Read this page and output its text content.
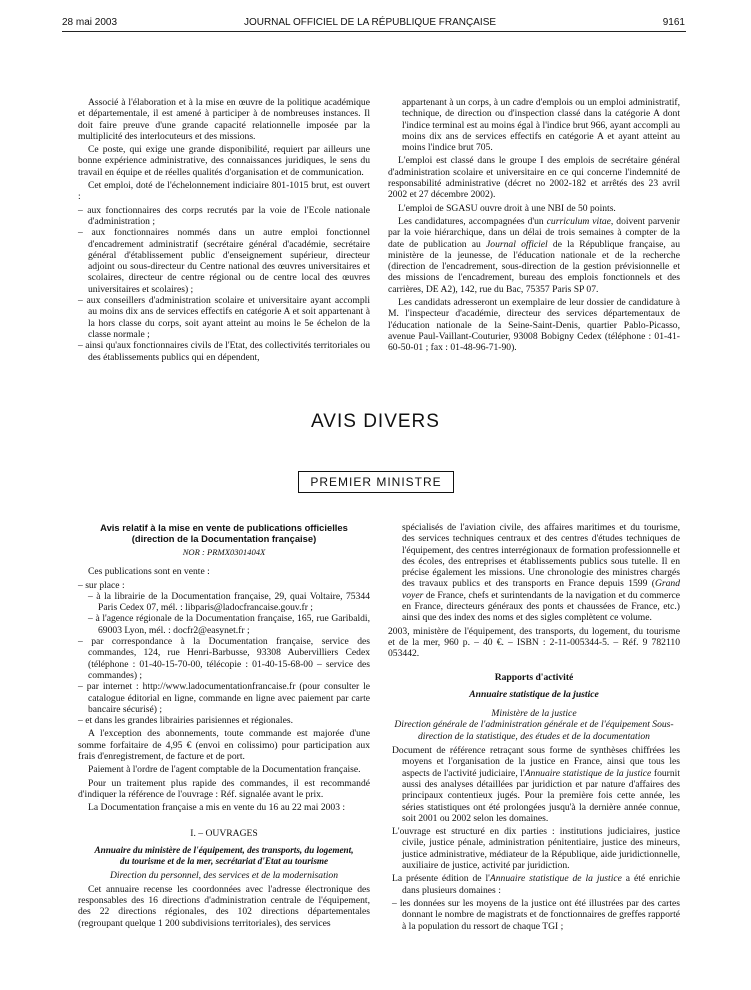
28 mai 2003	JOURNAL OFFICIEL DE LA RÉPUBLIQUE FRANÇAISE	9161

Associé à l'élaboration et à la mise en œuvre de la politique académique et départementale, il est amené à participer à de nombreuses instances. Il doit faire preuve d'une grande capacité relationnelle imposée par la multiplicité des interlocuteurs et des missions.

Ce poste, qui exige une grande disponibilité, requiert par ailleurs une bonne expérience administrative, des connaissances juridiques, le sens du travail en équipe et de réelles qualités d'organisation et de communication.

Cet emploi, doté de l'échelonnement indiciaire 801-1015 brut, est ouvert :

– aux fonctionnaires des corps recrutés par la voie de l'Ecole nationale d'administration ;
– aux fonctionnaires nommés dans un autre emploi fonctionnel d'encadrement administratif (secrétaire général d'académie, secrétaire général d'établissement public d'enseignement supérieur, directeur adjoint ou sous-directeur du Centre national des œuvres universitaires et scolaires, directeur de centre régional ou de centre local des œuvres universitaires et scolaires) ;
– aux conseillers d'administration scolaire et universitaire ayant accompli au moins dix ans de services effectifs en catégorie A et soit appartenant à la hors classe du corps, soit ayant atteint au moins le 5e échelon de la classe normale ;
– ainsi qu'aux fonctionnaires civils de l'Etat, des collectivités territoriales ou des établissements publics qui en dépendent,

appartenant à un corps, à un cadre d'emplois ou un emploi administratif, technique, de direction ou d'inspection classé dans la catégorie A dont l'indice terminal est au moins égal à l'indice brut 966, ayant accompli au moins dix ans de services effectifs en catégorie A et ayant atteint au moins l'indice brut 705.

L'emploi est classé dans le groupe I des emplois de secrétaire général d'administration scolaire et universitaire en ce qui concerne l'indemnité de responsabilité administrative (décret no 2002-182 et arrêtés des 23 avril 2002 et 27 décembre 2002).

L'emploi de SGASU ouvre droit à une NBI de 50 points.

Les candidatures, accompagnées d'un curriculum vitae, doivent parvenir par la voie hiérarchique, dans un délai de trois semaines à compter de la date de publication au Journal officiel de la République française, au ministère de la jeunesse, de l'éducation nationale et de la recherche (direction de l'encadrement, sous-direction de la gestion prévisionnelle et des missions de l'encadrement, bureau des emplois fonctionnels et des carrières, DE A2), 142, rue du Bac, 75357 Paris SP 07.

Les candidats adresseront un exemplaire de leur dossier de candidature à M. l'inspecteur d'académie, directeur des services départementaux de l'éducation nationale de la Seine-Saint-Denis, quartier Pablo-Picasso, avenue Paul-Vaillant-Couturier, 93008 Bobigny Cedex (téléphone : 01-41-60-50-01 ; fax : 01-48-96-71-90).

AVIS DIVERS
PREMIER MINISTRE
Avis relatif à la mise en vente de publications officielles (direction de la Documentation française)
NOR : PRMX0301404X

Ces publications sont en vente :

– sur place :
– à la librairie de la Documentation française, 29, quai Voltaire, 75344 Paris Cedex 07, mél. : libparis@ladocfrancaise.gouv.fr ;
– à l'agence régionale de la Documentation française, 165, rue Garibaldi, 69003 Lyon, mél. : docfr2@easynet.fr ;
– par correspondance à la Documentation française, service des commandes, 124, rue Henri-Barbusse, 93308 Aubervilliers Cedex (téléphone : 01-40-15-70-00, télécopie : 01-40-15-68-00 – service des commandes) ;
– par internet : http://www.ladocumentationfrancaise.fr (pour consulter le catalogue éditorial en ligne, commande en ligne avec paiement par carte bancaire sécurisé) ;
– et dans les grandes librairies parisiennes et régionales.

A l'exception des abonnements, toute commande est majorée d'une somme forfaitaire de 4,95 € (envoi en colissimo) pour participation aux frais d'enregistrement, de facture et de port.

Paiement à l'ordre de l'agent comptable de la Documentation française.

Pour un traitement plus rapide des commandes, il est recommandé d'indiquer la référence de l'ouvrage : Réf. signalée avant le prix.

La Documentation française a mis en vente du 16 au 22 mai 2003 :

I. – OUVRAGES
Annuaire du ministère de l'équipement, des transports, du logement, du tourisme et de la mer, secrétariat d'Etat au tourisme
Direction du personnel, des services et de la modernisation

Cet annuaire recense les coordonnées avec l'adresse électronique des responsables des 16 directions d'administration centrale de l'équipement, des 22 directions régionales, des 102 directions départementales (regroupant quelque 1 200 subdivisions territoriales), des services

spécialisés de l'aviation civile, des affaires maritimes et du tourisme, des services techniques centraux et des centres d'études techniques de l'équipement, des centres interrégionaux de formation professionnelle et des écoles, des entreprises et établissements publics sous tutelle. Il en précise également les missions. Une chronologie des ministres chargés des travaux publics et des transports en France depuis 1599 (Grand voyer de France, chefs et surintendants de la navigation et du commerce en France, directeurs généraux des ponts et chaussées de France, etc.) ainsi que des index des noms et des sigles complètent ce volume.

2003, ministère de l'équipement, des transports, du logement, du tourisme et de la mer, 960 p. – 40 €. – ISBN : 2-11-005344-5. – Réf. 9 782110 053442.

Rapports d'activité
Annuaire statistique de la justice
Ministère de la justice
Direction générale de l'administration générale et de l'équipement Sous-direction de la statistique, des études et de la documentation

Document de référence retraçant sous forme de synthèses chiffrées les moyens et l'organisation de la justice en France, ainsi que tous les aspects de l'activité judiciaire, l'Annuaire statistique de la justice fournit aussi des analyses détaillées par juridiction et par nature d'affaires des principaux contentieux jugés. Pour la première fois cette année, les séries statistiques ont été prolongées jusqu'à la dernière année connue, soit 2001 ou 2002 selon les domaines.

L'ouvrage est structuré en dix parties : institutions judiciaires, justice civile, justice pénale, administration pénitentiaire, justice des mineurs, justice administrative, médiateur de la République, aide juridictionnelle, auxiliaire de justice, activité par juridiction.

La présente édition de l'Annuaire statistique de la justice a été enrichie dans plusieurs domaines :

– les données sur les moyens de la justice ont été illustrées par des cartes donnant le nombre de magistrats et de fonctionnaires de greffes rapporté à la population du ressort de chaque TGI ;
